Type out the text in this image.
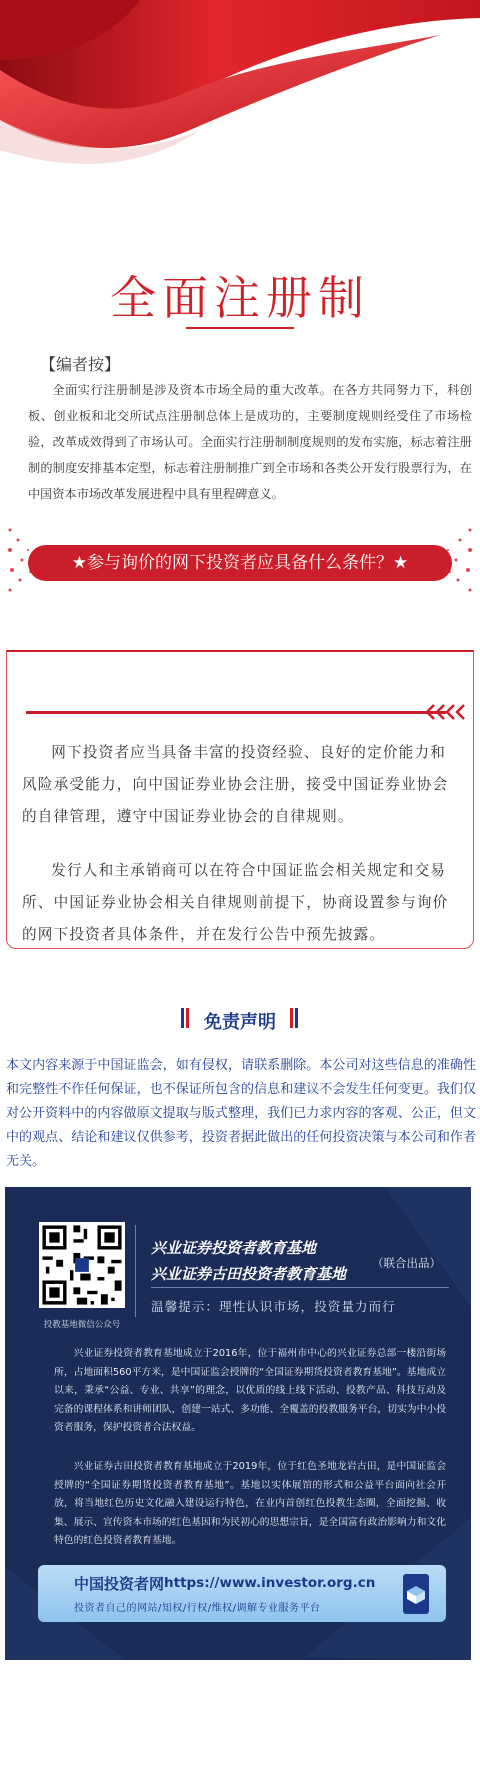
全面注册制
【编者按】
全面实行注册制是涉及资本市场全局的重大改革。在各方共同努力下，科创板、创业板和北交所试点注册制总体上是成功的，主要制度规则经受住了市场检验，改革成效得到了市场认可。全面实行注册制制度规则的发布实施，标志着注册制的制度安排基本定型，标志着注册制推广到全市场和各类公开发行股票行为，在中国资本市场改革发展进程中具有里程碑意义。
★参与询价的网下投资者应具备什么条件？★
网下投资者应当具备丰富的投资经验、良好的定价能力和风险承受能力，向中国证券业协会注册，接受中国证券业协会的自律管理，遵守中国证券业协会的自律规则。
发行人和主承销商可以在符合中国证监会相关规定和交易所、中国证券业协会相关自律规则前提下，协商设置参与询价的网下投资者具体条件，并在发行公告中预先披露。
免责声明
本文内容来源于中国证监会，如有侵权，请联系删除。本公司对这些信息的准确性和完整性不作任何保证，也不保证所包含的信息和建议不会发生任何变更。我们仅对公开资料中的内容做原文提取与版式整理，我们已力求内容的客观、公正，但文中的观点、结论和建议仅供参考，投资者据此做出的任何投资决策与本公司和作者无关。
投教基地微信公众号
兴业证券投资者教育基地
兴业证券古田投资者教育基地
（联合出品）
温馨提示：理性认识市场，投资量力而行
兴业证券投资者教育基地成立于2016年，位于福州市中心的兴业证券总部一楼沿街场所，占地面积560平方米，是中国证监会授牌的“全国证券期货投资者教育基地”。基地成立以来，秉承“公益、专业、共享”的理念，以优质的线上线下活动、投教产品、科技互动及完备的课程体系和讲师团队，创建一站式、多功能、全覆盖的投教服务平台，切实为中小投资者服务，保护投资者合法权益。
兴业证券古田投资者教育基地成立于2019年，位于红色圣地龙岩古田，是中国证监会授牌的“全国证券期货投资者教育基地”。基地以实体展馆的形式和公益平台面向社会开放，将当地红色历史文化融入建设运行特色，在业内首创红色投教生态圈，全面挖掘、收集、展示、宣传资本市场的红色基因和为民初心的思想宗旨，是全国富有政治影响力和文化特色的红色投资者教育基地。
中国投资者网 https://www.investor.org.cn
投资者自己的网站/知权/行权/维权/调解专业服务平台
